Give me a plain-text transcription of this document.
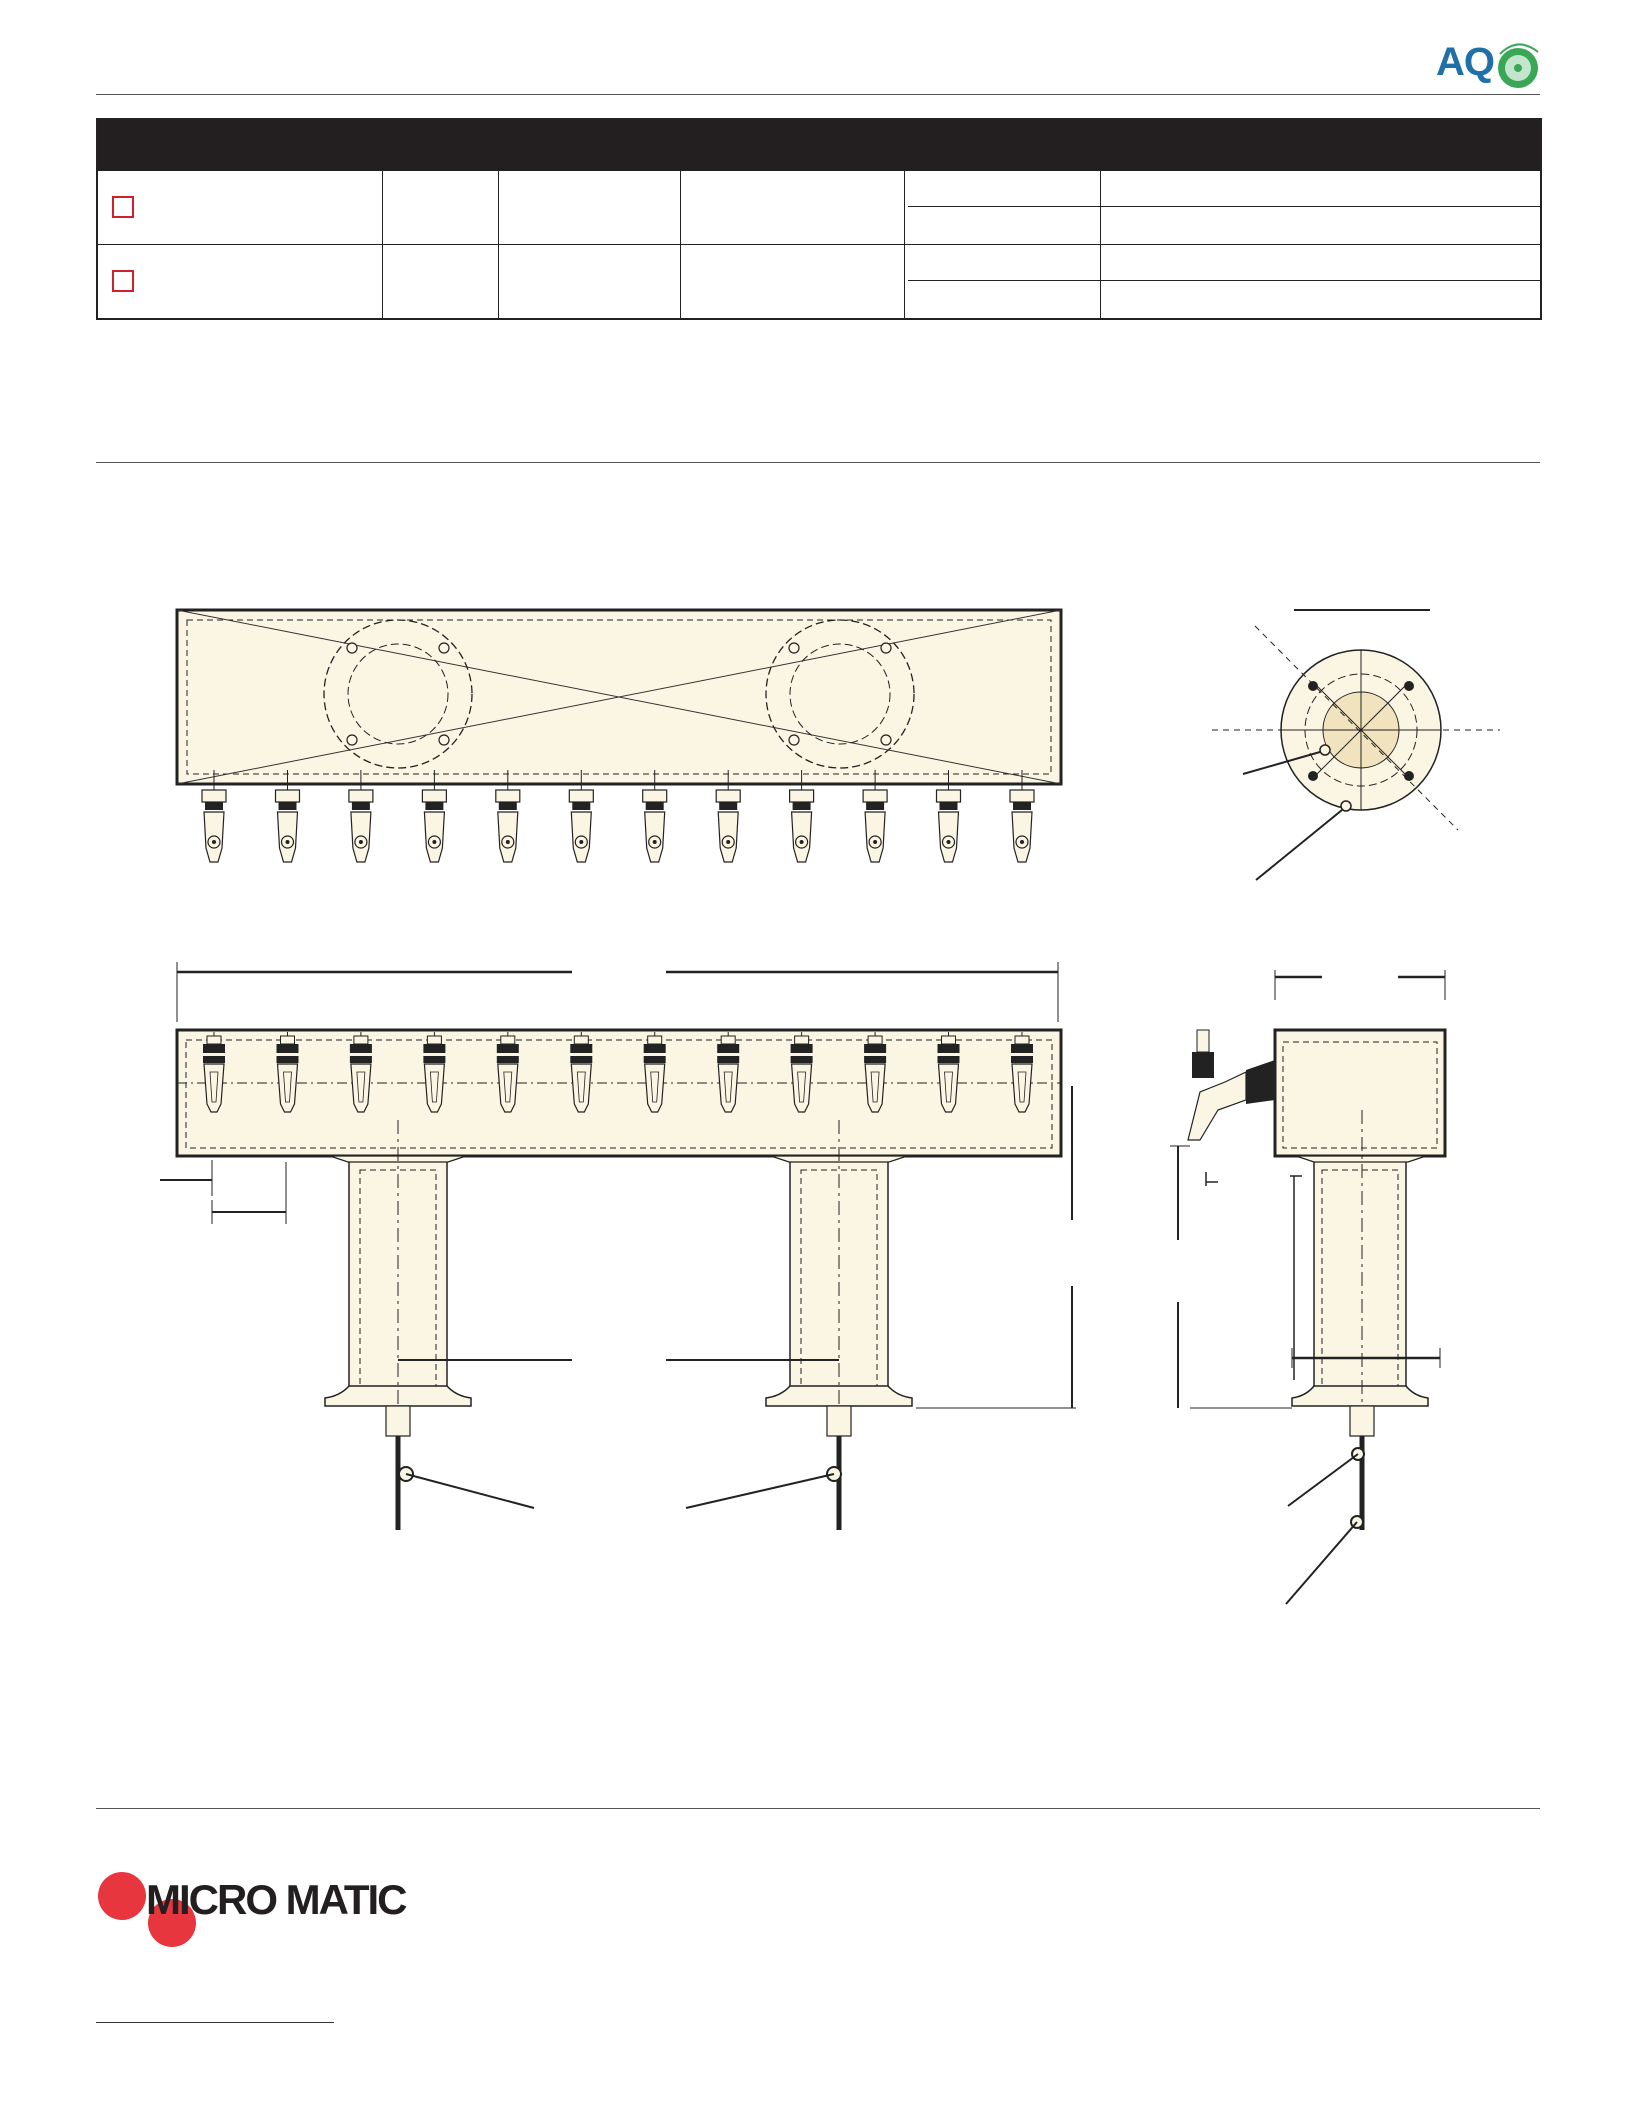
AQ
MICRO MATIC
